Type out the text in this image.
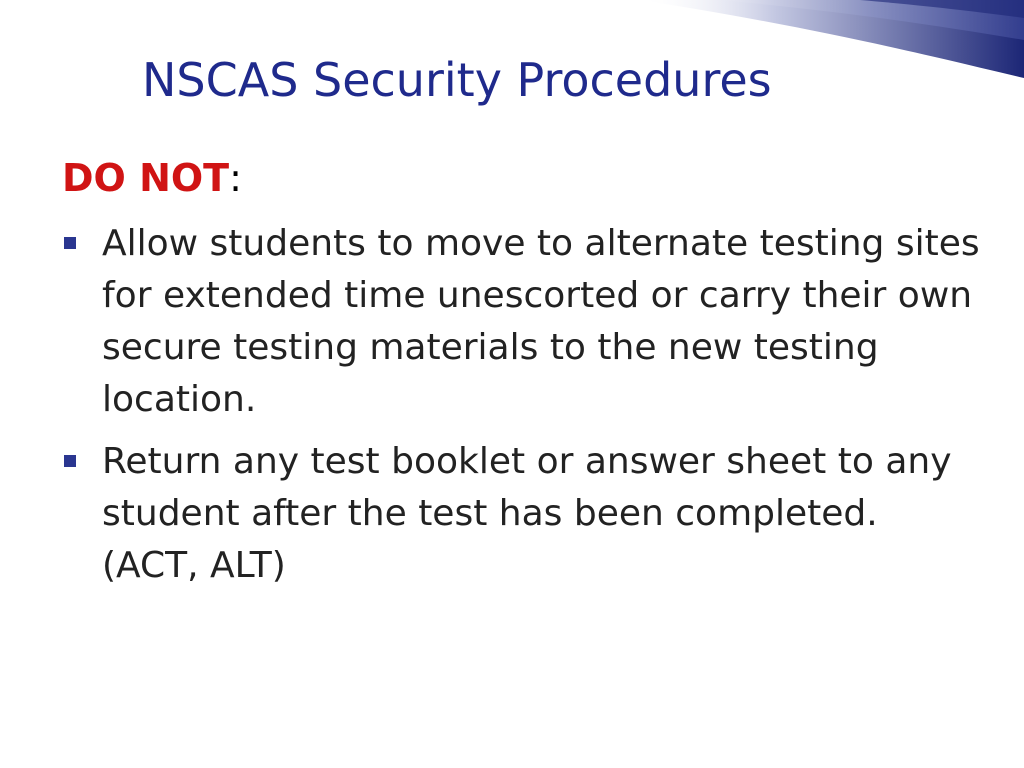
NSCAS Security Procedures

DO NOT:

Allow students to move to alternate testing sites for extended time unescorted or carry their own secure testing materials to the new testing location.
Return any test booklet or answer sheet to any student after the test has been completed. (ACT, ALT)
